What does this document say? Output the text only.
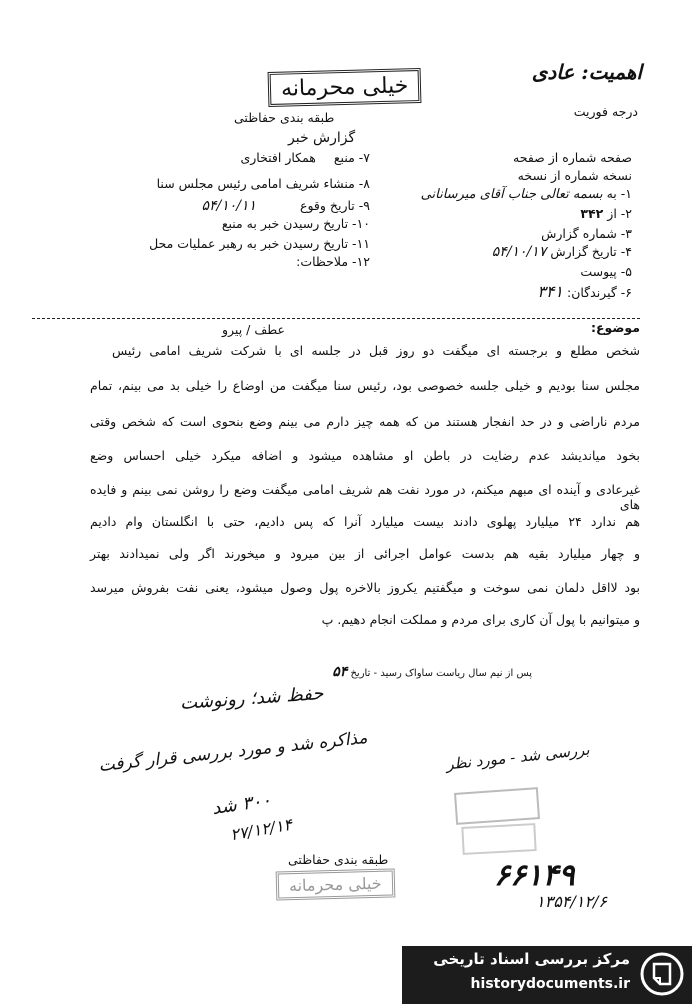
اهمیت: عادی
درجه فوریت
خیلی محرمانه
طبقه بندی حفاظتی
گزارش خبر
صفحه شماره از صفحه
نسخه شماره از نسخه
۱- به بسمه تعالی جناب آقای میرسانانی
۲- از ۳۴۲
۳- شماره گزارش
۴- تاریخ گزارش ۵۴/۱۰/۱۷
۵- پیوست
۶- گیرندگان: ۳۴۱
۷- منبع همکار افتخاری
۸- منشاء شریف امامی رئیس مجلس سنا
۹- تاریخ وقوع ۵۴/۱۰/۱۱
۱۰- تاریخ رسیدن خبر به منبع
۱۱- تاریخ رسیدن خبر به رهبر عملیات محل
۱۲- ملاحظات:
موضوع:
عطف / پیرو
شخص مطلع و برجسته ای میگفت دو روز قبل در جلسه ای با شرکت شریف امامی رئیس
مجلس سنا بودیم و خیلی جلسه خصوصی بود، رئیس سنا میگفت من اوضاع را خیلی بد می بینم، تمام
مردم ناراضی و در حد انفجار هستند من که همه چیز دارم می بینم وضع بنحوی است که شخص وقتی
بخود میاندیشد عدم رضایت در باطن او مشاهده میشود و اضافه میکرد خیلی احساس وضع
غیرعادی و آینده ای مبهم میکنم، در مورد نفت هم شریف امامی میگفت وضع را روشن نمی بینم و فایده های
هم ندارد ۲۴ میلیارد پهلوی دادند بیست میلیارد آنرا که پس دادیم، حتی با انگلستان وام دادیم
و چهار میلیارد بقیه هم بدست عوامل اجرائی از بین میرود و میخورند اگر ولی نمیدادند بهتر
بود لااقل دلمان نمی سوخت و میگفتیم یکروز بالاخره پول وصول میشود، یعنی نفت بفروش میرسد
و میتوانیم با پول آن کاری برای مردم و مملکت انجام دهیم. پ
پس از نیم سال ریاست ساواک رسید - تاریخ ۵۴
حفظ شد؛ رونوشت
مذاکره شد و مورد بررسی قرار گرفت
۳۰۰ شد
۲۷/۱۲/۱۴
بررسی شد - مورد نظر
طبقه بندی حفاظتی
خیلی محرمانه	۶۶۱۴۹
۱۳۵۴/۱۲/۶
مرکز بررسی اسناد تاریخی
historydocuments.ir
